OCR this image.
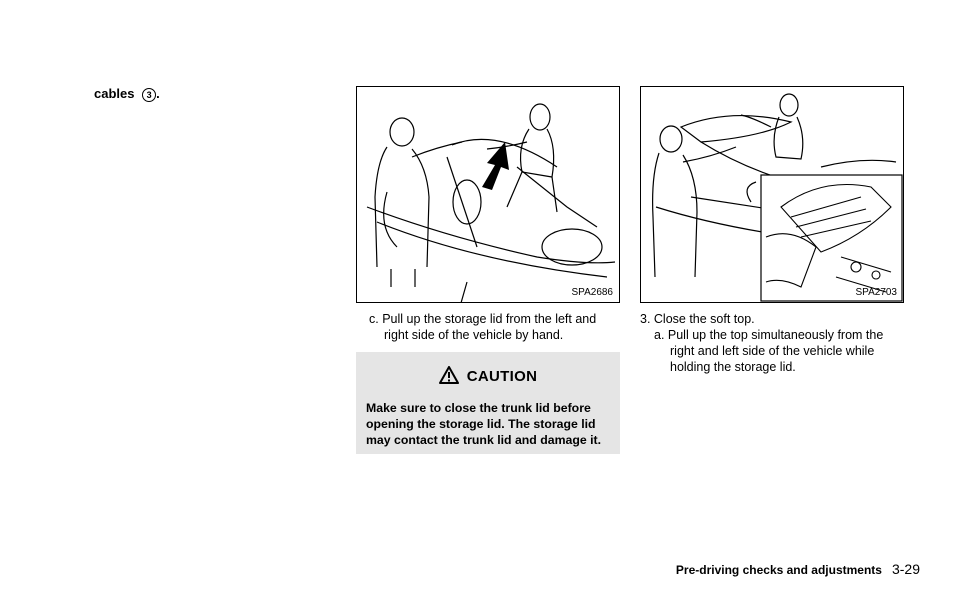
cables 3 .
SPA2686
c. Pull up the storage lid from the left and
right side of the vehicle by hand.
CAUTION
Make sure to close the trunk lid before
opening the storage lid. The storage lid
may contact the trunk lid and damage it.
SPA2703
3. Close the soft top.
a. Pull up the top simultaneously from the
right and left side of the vehicle while
holding the storage lid.
Pre-driving checks and adjustments 3-29
